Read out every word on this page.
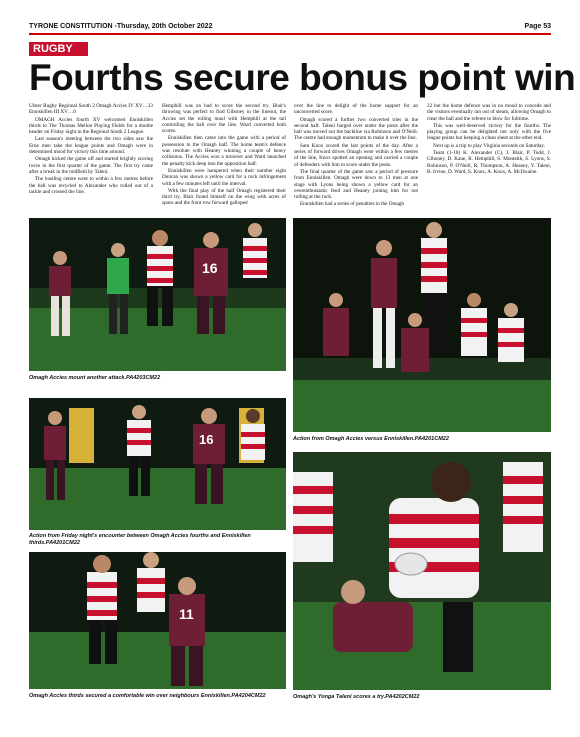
TYRONE CONSTITUTION -Thursday, 20th October 2022	Page 53
RUGBY
Fourths secure bonus point win

Ulster Rugby Regional South 2 Omagh Accies IV XV…33 Enniskillen III XV…0

OMAGH Accies fourth XV welcomed Enniskillen thirds to The Thomas Mellon Playing Fields for a double header on Friday night in the Regional South 2 League.

Last season's meeting between the two sides saw the Erne men take the league points and Omagh were in determined mood for victory this time around.

Omagh kicked the game off and started brightly scoring twice in the first quarter of the game. The first try came after a break in the midfield by Taleni.

The bustling centre went to within a few metres before the ball was recycled to Alexander who rolled out of a tackle and crossed the line.

Hemphill was on had to score the second try. Blair's throwing was perfect to find Giboney in the lineout, the Accies set the rolling maul with Hemphill at the tail controlling the ball over the line. Ward converted both scores.

Enniskillen then came into the game with a period of possession in the Omagh half. The home team's defence was resolute with Heaney winning a couple of heavy collisions. The Accies won a turnover and Ward launched the penalty kick deep into the opposition half.

Enniskillen were hampered when their number eight Duncan was shown a yellow card for a ruck infringement with a few minutes left until the interval.

With the final play of the half Omagh registered their third try, Blair found himself on the wing with acres of space and the front row forward galloped

over the line to delight of the home support for an unconverted score.

Omagh scored a further two converted tries in the second half. Taleni barged over under the posts after the ball was moved out the backline via Robinson and O'Neill. The centre had enough momentum to make it over the line.

Sam Knox scored the last points of the day. After a series of forward drives Omagh were within a few metres of the line, Knox spotted an opening and carried a couple of defenders with him to score under the posts.

The final quarter of the game saw a period of pressure from Enniskillen. Omagh were down to 13 men at one stage with Lyons being shown a yellow card for an overenthusiastic fend and Heaney joining him for not rolling at the ruck.

Enniskillen had a series of penalties in the Omagh

22 but the home defence was in no mood to concede and the visitors eventually ran out of steam, allowing Omagh to clear the ball and the referee to blow for fulltime.

This was well-deserved victory for the fourths. The playing group can be delighted not only with the five league points but keeping a clean sheet at the other end.

Next up is a trip to play Virginia seconds on Saturday.

Team (1-18) K. Alexander (C), J. Blair, P. Todd, J. Giboney, D. Kane, R. Hemphill, S. Monteith, S. Lyons, S. Robinson, P. O'Neill, R. Thompson, A. Heaney, Y. Taleni, B. Irvine, D. Ward, S. Knox, A. Knox, A. McIlwaine.

16
Omagh Accies mount another attack.PA4203CM22
Action from Omagh Accies versus Enniskillen.PA4201CM22
16
Action from Friday night's encounter between Omagh Accies fourths and Enniskillen thirds.PA4201CM22
11
Omagh Accies thirds secured a comfortable win over neighbours Enniskillen.PA4204CM22	Omagh's Yonga Taleni scores a try.PA4202CM22
